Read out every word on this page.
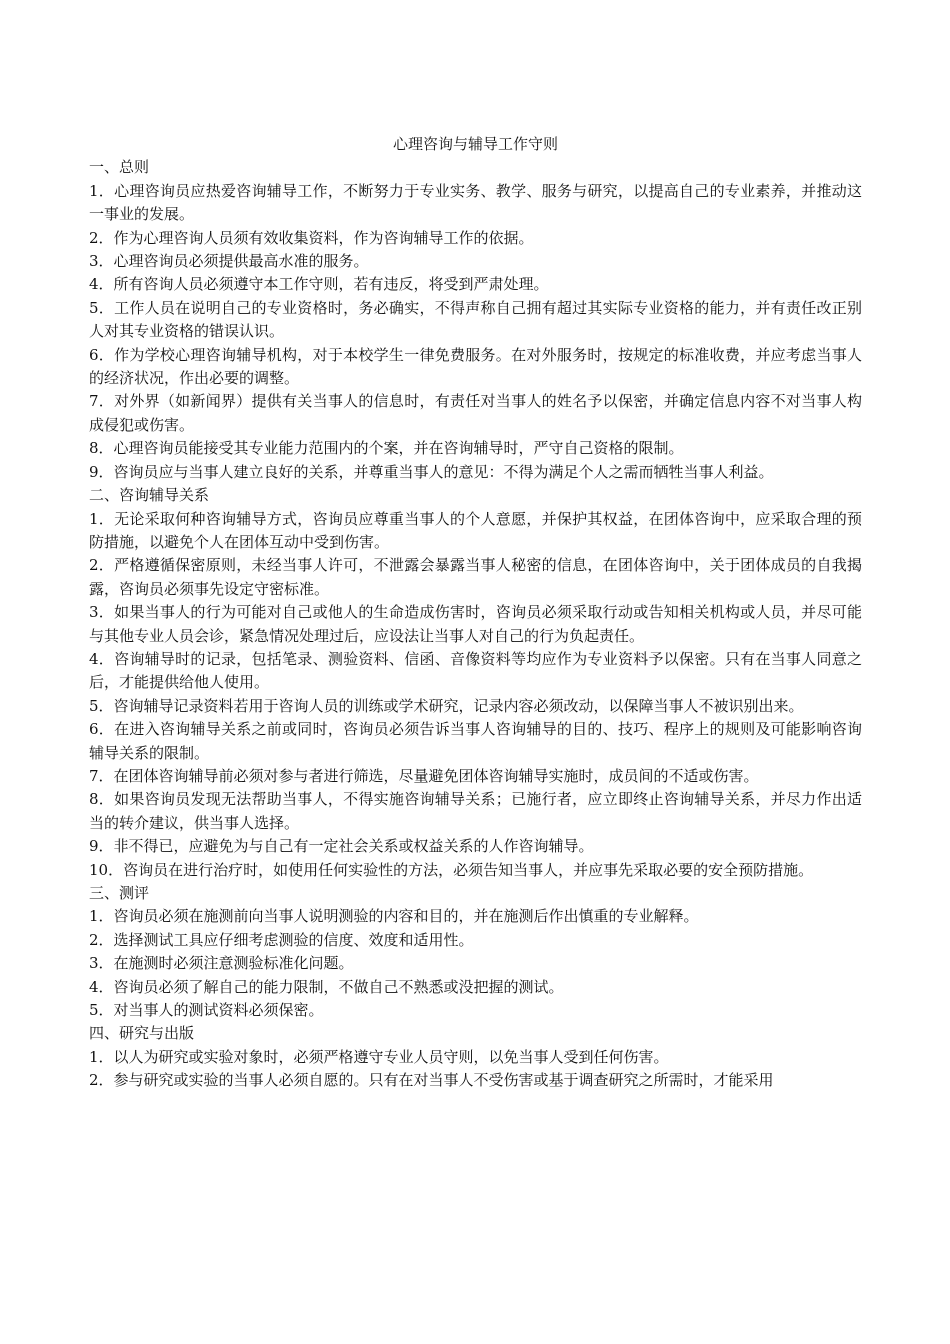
心理咨询与辅导工作守则

一、总则

1．心理咨询员应热爱咨询辅导工作，不断努力于专业实务、教学、服务与研究，以提高自己的专业素养，并推动这一事业的发展。

2．作为心理咨询人员须有效收集资料，作为咨询辅导工作的依据。

3．心理咨询员必须提供最高水准的服务。

4．所有咨询人员必须遵守本工作守则，若有违反，将受到严肃处理。

5．工作人员在说明自己的专业资格时，务必确实，不得声称自己拥有超过其实际专业资格的能力，并有责任改正别人对其专业资格的错误认识。

6．作为学校心理咨询辅导机构，对于本校学生一律免费服务。在对外服务时，按规定的标准收费，并应考虑当事人的经济状况，作出必要的调整。

7．对外界（如新闻界）提供有关当事人的信息时，有责任对当事人的姓名予以保密，并确定信息内容不对当事人构成侵犯或伤害。

8．心理咨询员能接受其专业能力范围内的个案，并在咨询辅导时，严守自己资格的限制。

9．咨询员应与当事人建立良好的关系，并尊重当事人的意见：不得为满足个人之需而牺牲当事人利益。

二、咨询辅导关系

1．无论采取何种咨询辅导方式，咨询员应尊重当事人的个人意愿，并保护其权益，在团体咨询中，应采取合理的预防措施，以避免个人在团体互动中受到伤害。

2．严格遵循保密原则，未经当事人许可，不泄露会暴露当事人秘密的信息，在团体咨询中，关于团体成员的自我揭露，咨询员必须事先设定守密标准。

3．如果当事人的行为可能对自己或他人的生命造成伤害时，咨询员必须采取行动或告知相关机构或人员，并尽可能与其他专业人员会诊，紧急情况处理过后，应设法让当事人对自己的行为负起责任。

4．咨询辅导时的记录，包括笔录、测验资料、信函、音像资料等均应作为专业资料予以保密。只有在当事人同意之后，才能提供给他人使用。

5．咨询辅导记录资料若用于咨询人员的训练或学术研究，记录内容必须改动，以保障当事人不被识别出来。

6．在进入咨询辅导关系之前或同时，咨询员必须告诉当事人咨询辅导的目的、技巧、程序上的规则及可能影响咨询辅导关系的限制。

7．在团体咨询辅导前必须对参与者进行筛选，尽量避免团体咨询辅导实施时，成员间的不适或伤害。

8．如果咨询员发现无法帮助当事人，不得实施咨询辅导关系；已施行者，应立即终止咨询辅导关系，并尽力作出适当的转介建议，供当事人选择。

9．非不得已，应避免为与自己有一定社会关系或权益关系的人作咨询辅导。

10．咨询员在进行治疗时，如使用任何实验性的方法，必须告知当事人，并应事先采取必要的安全预防措施。

三、测评

1．咨询员必须在施测前向当事人说明测验的内容和目的，并在施测后作出慎重的专业解释。

2．选择测试工具应仔细考虑测验的信度、效度和适用性。

3．在施测时必须注意测验标准化问题。

4．咨询员必须了解自己的能力限制，不做自己不熟悉或没把握的测试。

5．对当事人的测试资料必须保密。

四、研究与出版

1．以人为研究或实验对象时，必须严格遵守专业人员守则，以免当事人受到任何伤害。

2．参与研究或实验的当事人必须自愿的。只有在对当事人不受伤害或基于调查研究之所需时，才能采用
